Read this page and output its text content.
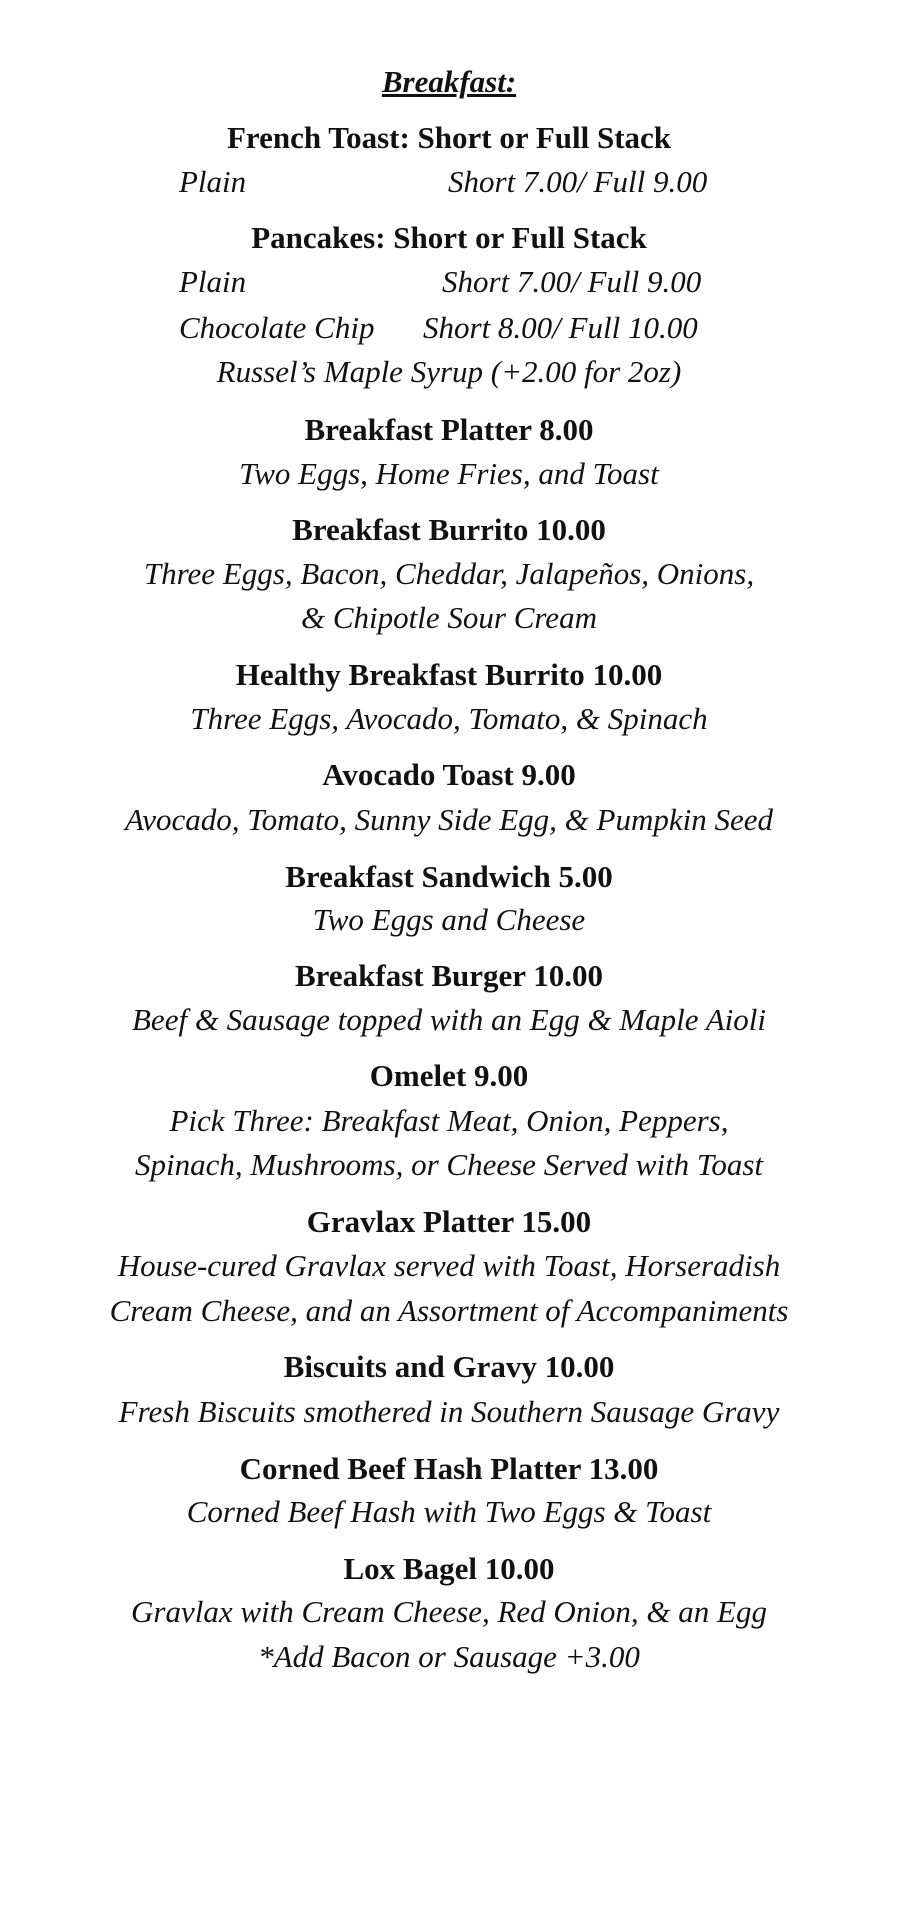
Breakfast:
French Toast: Short or Full Stack
Plain	Short 7.00/ Full 9.00
Pancakes: Short or Full Stack
Plain	Short 7.00/ Full 9.00
Chocolate Chip Short 8.00/ Full 10.00
Russel’s Maple Syrup (+2.00 for 2oz)
Breakfast Platter 8.00
Two Eggs, Home Fries, and Toast
Breakfast Burrito 10.00
Three Eggs, Bacon, Cheddar, Jalapeños, Onions,
& Chipotle Sour Cream
Healthy Breakfast Burrito 10.00
Three Eggs, Avocado, Tomato, & Spinach
Avocado Toast 9.00
Avocado, Tomato, Sunny Side Egg, & Pumpkin Seed
Breakfast Sandwich 5.00
Two Eggs and Cheese
Breakfast Burger 10.00
Beef & Sausage topped with an Egg & Maple Aioli
Omelet 9.00
Pick Three: Breakfast Meat, Onion, Peppers,
Spinach, Mushrooms, or Cheese Served with Toast
Gravlax Platter 15.00
House-cured Gravlax served with Toast, Horseradish
Cream Cheese, and an Assortment of Accompaniments
Biscuits and Gravy 10.00
Fresh Biscuits smothered in Southern Sausage Gravy
Corned Beef Hash Platter 13.00
Corned Beef Hash with Two Eggs & Toast
Lox Bagel 10.00
Gravlax with Cream Cheese, Red Onion, & an Egg
*Add Bacon or Sausage +3.00
